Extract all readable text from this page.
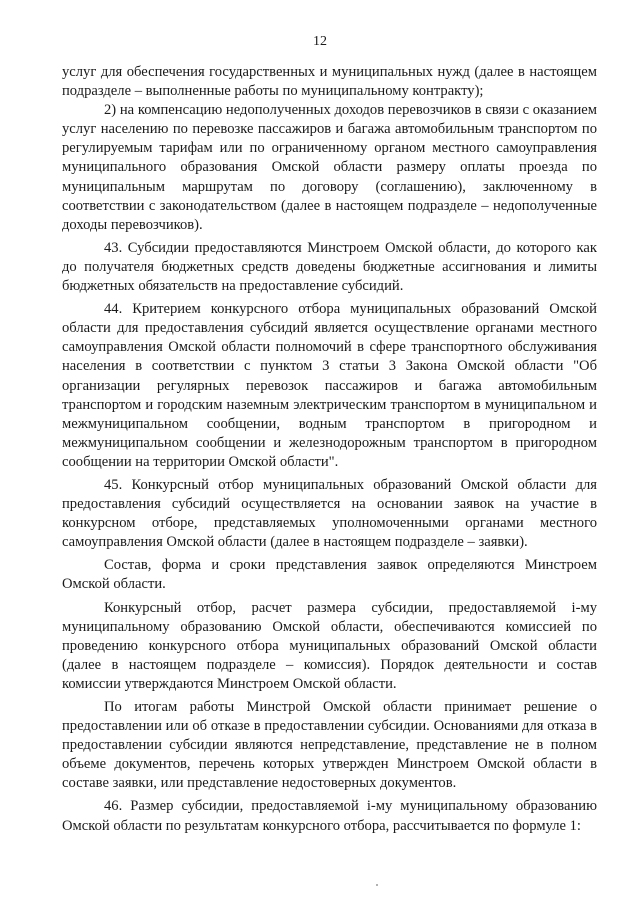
12

услуг для обеспечения государственных и муниципальных нужд (далее в настоящем подразделе – выполненные работы по муниципальному контракту);

2) на компенсацию недополученных доходов перевозчиков в связи с оказанием услуг населению по перевозке пассажиров и багажа автомобильным транспортом по регулируемым тарифам или по ограниченному органом местного самоуправления муниципального образования Омской области размеру оплаты проезда по муниципальным маршрутам по договору (соглашению), заключенному в соответствии с законодательством (далее в настоящем подразделе – недополученные доходы перевозчиков).

43. Субсидии предоставляются Минстроем Омской области, до которого как до получателя бюджетных средств доведены бюджетные ассигнования и лимиты бюджетных обязательств на предоставление субсидий.

44. Критерием конкурсного отбора муниципальных образований Омской области для предоставления субсидий является осуществление органами местного самоуправления Омской области полномочий в сфере транспортного обслуживания населения в соответствии с пунктом 3 статьи 3 Закона Омской области "Об организации регулярных перевозок пассажиров и багажа автомобильным транспортом и городским наземным электрическим транспортом в муниципальном и межмуниципальном сообщении, водным транспортом в пригородном и межмуниципальном сообщении и железнодорожным транспортом в пригородном сообщении на территории Омской области".

45. Конкурсный отбор муниципальных образований Омской области для предоставления субсидий осуществляется на основании заявок на участие в конкурсном отборе, представляемых уполномоченными органами местного самоуправления Омской области (далее в настоящем подразделе – заявки).

Состав, форма и сроки представления заявок определяются Минстроем Омской области.

Конкурсный отбор, расчет размера субсидии, предоставляемой i-му муниципальному образованию Омской области, обеспечиваются комиссией по проведению конкурсного отбора муниципальных образований Омской области (далее в настоящем подразделе – комиссия). Порядок деятельности и состав комиссии утверждаются Минстроем Омской области.

По итогам работы Минстрой Омской области принимает решение о предоставлении или об отказе в предоставлении субсидии. Основаниями для отказа в предоставлении субсидии являются непредставление, представление не в полном объеме документов, перечень которых утвержден Минстроем Омской области в составе заявки, или представление недостоверных документов.

46. Размер субсидии, предоставляемой i-му муниципальному образованию Омской области по результатам конкурсного отбора, рассчитывается по формуле 1:
